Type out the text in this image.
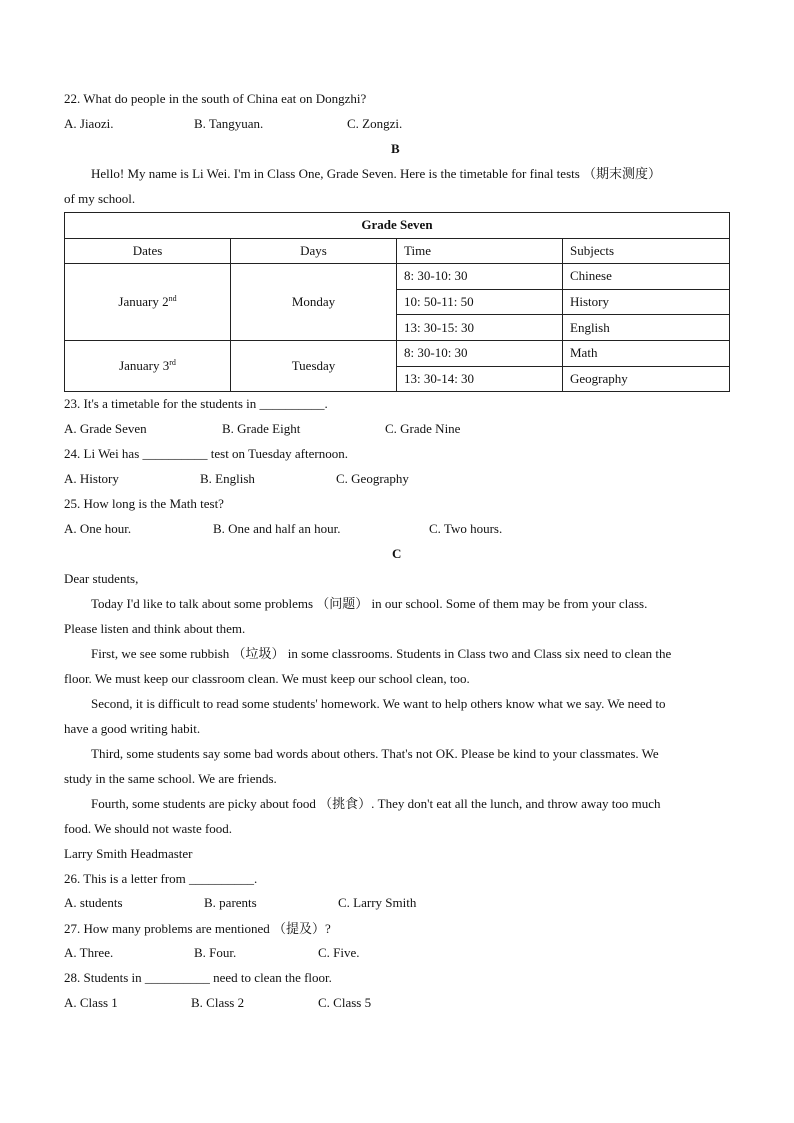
22. What do people in the south of China eat on Dongzhi?
A. Jiaozi.	B. Tangyuan.	C. Zongzi.
B
Hello! My name is Li Wei. I'm in Class One, Grade Seven. Here is the timetable for final tests （期末测度）
of my school.
Grade Seven			
Dates	Days	Time	Subjects
January 2nd	Monday	8: 30-10: 30	Chinese
		10: 50-11: 50	History
		13: 30-15: 30	English
January 3rd	Tuesday	8: 30-10: 30	Math
		13: 30-14: 30	Geography
23. It's a timetable for the students in __________.
A. Grade Seven	B. Grade Eight	C. Grade Nine
24. Li Wei has __________ test on Tuesday afternoon.
A. History	B. English	C. Geography
25. How long is the Math test?
A. One hour.	B. One and half an hour.	C. Two hours.
C
Dear students,
Today I'd like to talk about some problems （问题） in our school. Some of them may be from your class.
Please listen and think about them.
First, we see some rubbish （垃圾） in some classrooms. Students in Class two and Class six need to clean the
floor. We must keep our classroom clean. We must keep our school clean, too.
Second, it is difficult to read some students' homework. We want to help others know what we say. We need to
have a good writing habit.
Third, some students say some bad words about others. That's not OK. Please be kind to your classmates. We
study in the same school. We are friends.
Fourth, some students are picky about food （挑食）. They don't eat all the lunch, and throw away too much
food. We should not waste food.
Larry Smith Headmaster
26. This is a letter from __________.
A. students	B. parents	C. Larry Smith
27. How many problems are mentioned （提及）?
A. Three.	B. Four.	C. Five.
28. Students in __________ need to clean the floor.
A. Class 1	B. Class 2	C. Class 5
